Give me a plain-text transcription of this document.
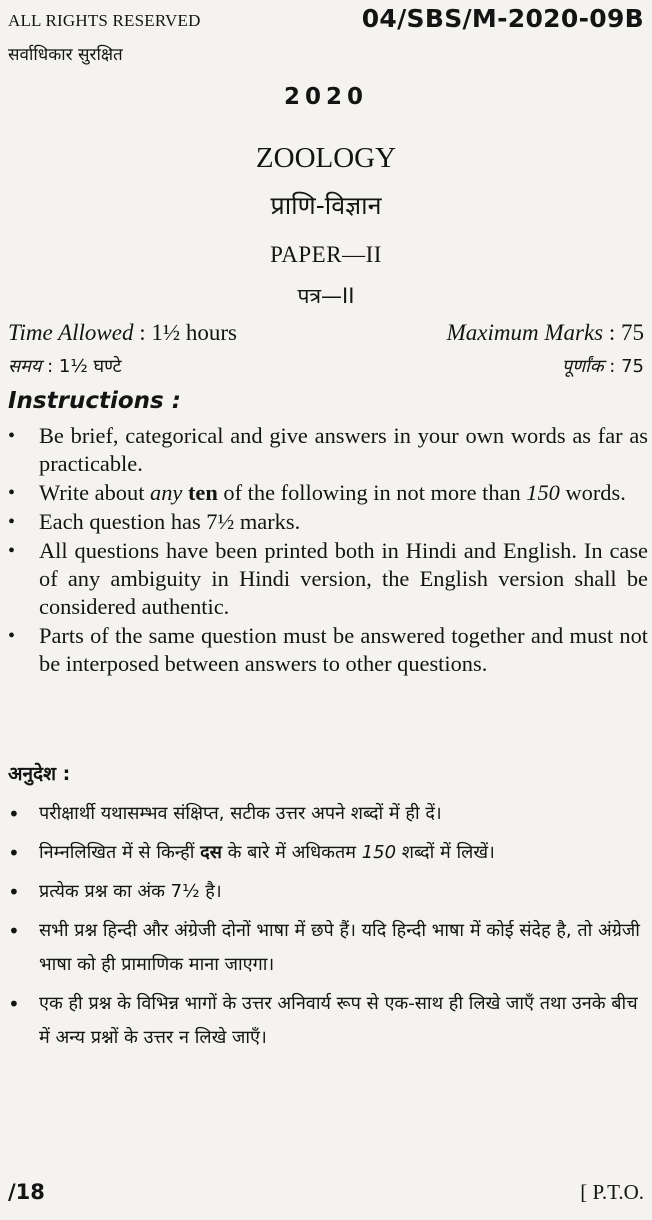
ALL RIGHTS RESERVED
सर्वाधिकार सुरक्षित
04/SBS/M-2020-09B
2020
ZOOLOGY
प्राणि-विज्ञान
PAPER—II
पत्र—II
Time Allowed : 1½ hours	Maximum Marks : 75
समय : 1½ घण्टे	पूर्णांक : 75
Instructions :
• Be brief, categorical and give answers in your own words as far as practicable.
• Write about any ten of the following in not more than 150 words.
• Each question has 7½ marks.
• All questions have been printed both in Hindi and English. In case of any ambiguity in Hindi version, the English version shall be considered authentic.
• Parts of the same question must be answered together and must not be interposed between answers to other questions.
अनुदेश :
• परीक्षार्थी यथासम्भव संक्षिप्त, सटीक उत्तर अपने शब्दों में ही दें।
• निम्नलिखित में से किन्हीं दस के बारे में अधिकतम 150 शब्दों में लिखें।
• प्रत्येक प्रश्न का अंक 7½ है।
• सभी प्रश्न हिन्दी और अंग्रेजी दोनों भाषा में छपे हैं। यदि हिन्दी भाषा में कोई संदेह है, तो अंग्रेजी भाषा को ही प्रामाणिक माना जाएगा।
• एक ही प्रश्न के विभिन्न भागों के उत्तर अनिवार्य रूप से एक-साथ ही लिखे जाएँ तथा उनके बीच में अन्य प्रश्नों के उत्तर न लिखे जाएँ।
/18	[ P.T.O.
